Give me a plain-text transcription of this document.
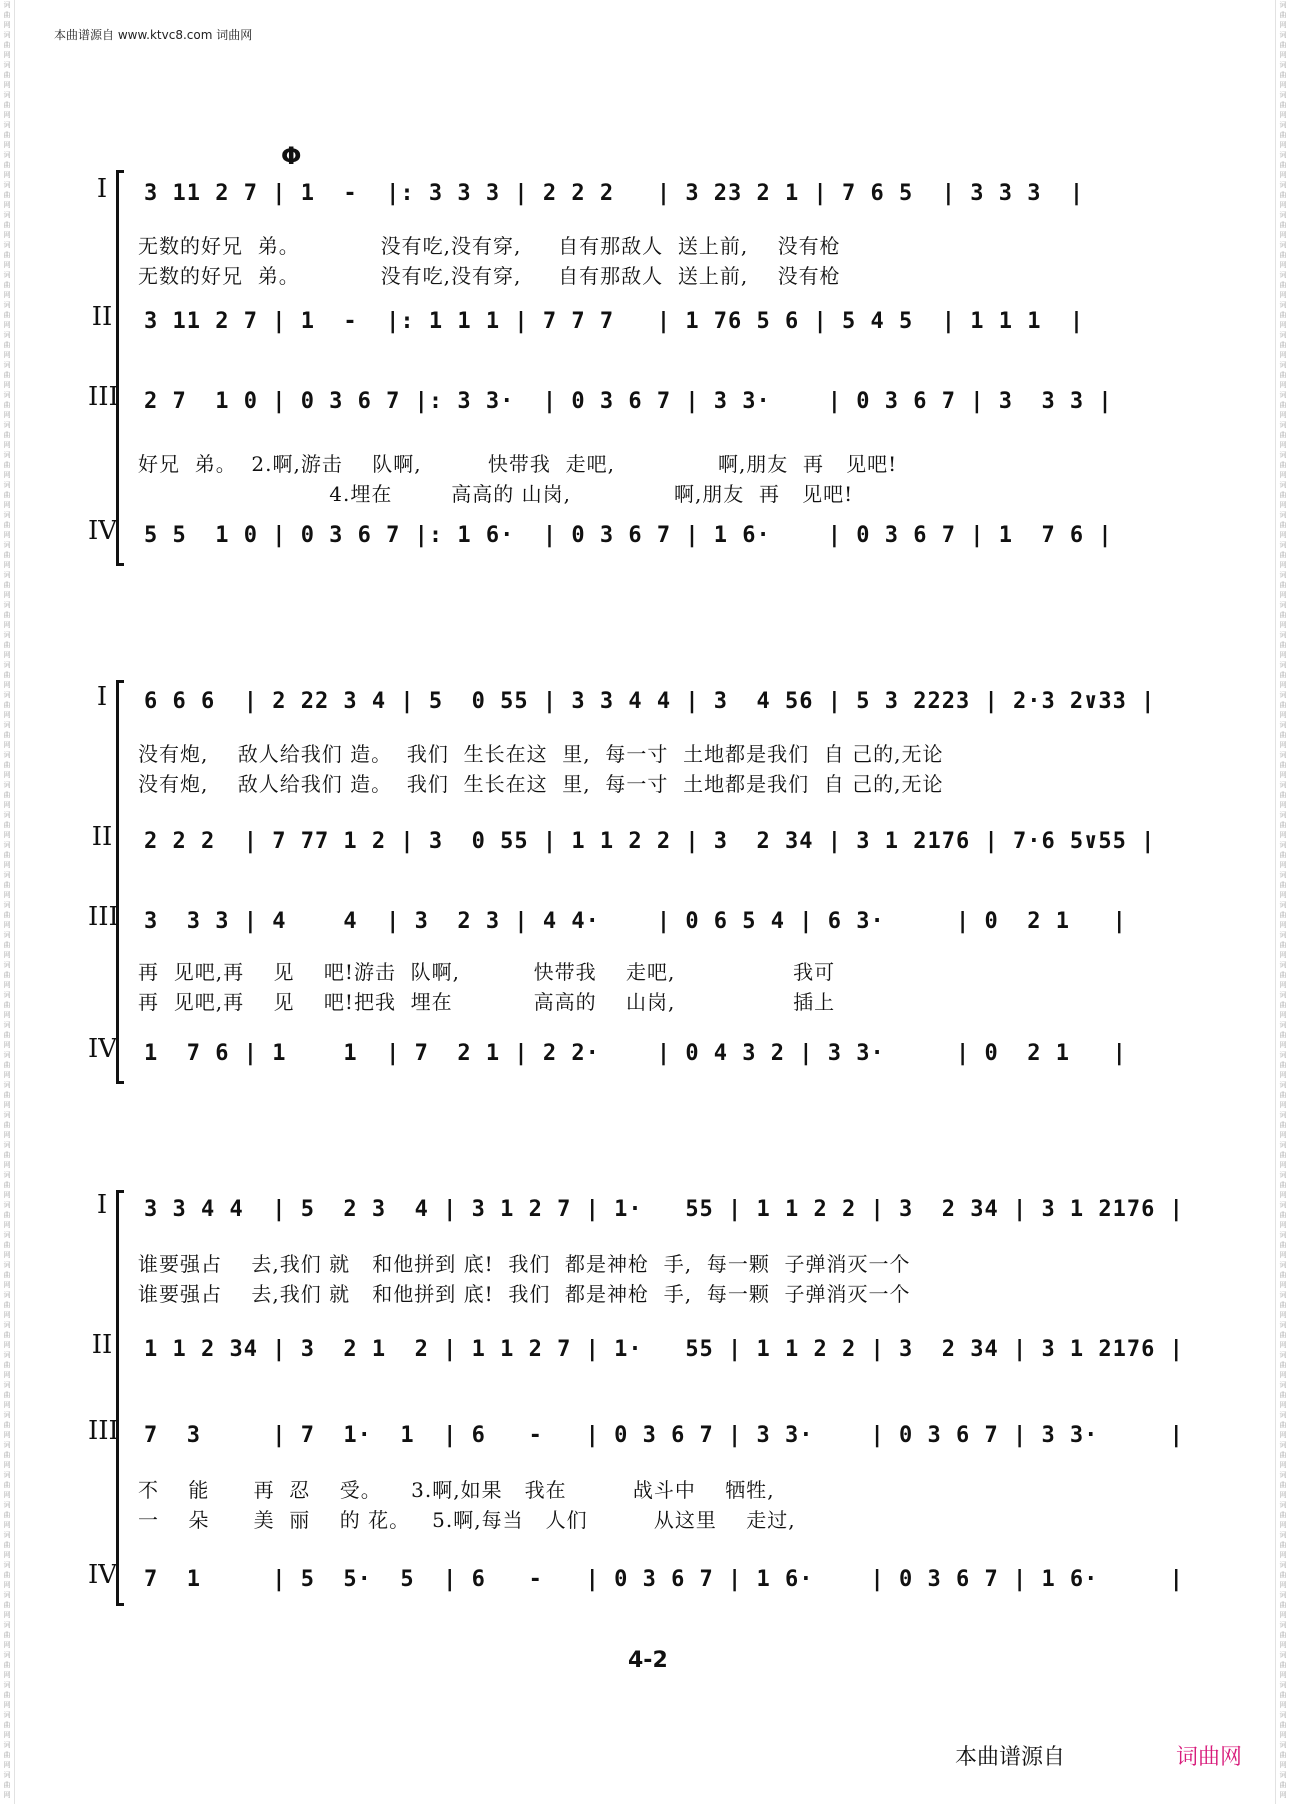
词
曲
网
词
曲
网
词
曲
网
词
曲
网
词
曲
网
词
曲
网
词
曲
网
词
曲
网
词
曲
网
词
曲
网
词
曲
网
词
曲
网
词
曲
网
词
曲
网
词
曲
网
词
曲
网
词
曲
网
词
曲
网
词
曲
网
词
曲
网
词
曲
网
词
曲
网
词
曲
网
词
曲
网
词
曲
网
词
曲
网
词
曲
网
词
曲
网
词
曲
网
词
曲
网
词
曲
网
词
曲
网
词
曲
网
词
曲
网
词
曲
网
词
曲
网
词
曲
网
词
曲
网
词
曲
网
词
曲
网
词
曲
网
词
曲
网
词
曲
网
词
曲
网
词
曲
网
词
曲
网
词
曲
网
词
曲
网
词
曲
网
词
曲
网
词
曲
网
词
曲
网
词
曲
网
词
曲
网
词
曲
网
词
曲
网
词
曲
网
词
曲
网
词
曲
网
词
曲
网
词
曲
网
词
曲
网
词
曲
网
词
曲
网
词
曲
网
词
曲
网
词
曲
网
词
曲
网
词
曲
网
词
曲
网
词
曲
网
词
曲
网
词
曲
网
词
曲
网
词
曲
网
词
曲
网
词
曲
网
词
曲
网
词
曲
网
词
曲
网
词
曲
网
词
曲
网
词
曲
网
词
曲
网
词
曲
网
词
曲
网
词
曲
网
词
曲
网
词
曲
网
词
曲
网
词
曲
网
词
曲
网
词
曲
网
词
曲
网
词
曲
网
词
曲
网
词
曲
网
词
曲
网
词
曲
网
词
曲
网
词
曲
网
词
曲
网
词
曲
网
词
曲
网
词
曲
网
词
曲
网
词
曲
网
词
曲
网
词
曲
网
词
曲
网
词
曲
网
词
曲
网
词
曲
网
词
曲
网
词
曲
网
词
曲
网
词
曲
网
词
曲
网
词
曲
网
词
曲
网
本曲谱源自 www.ktvc8.com 词曲网
Φ
I	3 11 2 7 | 1  -  |: 3 3 3 | 2 2 2   | 3 23 2 1 | 7 6 5  | 3 3 3  |
无数的好兄  弟。           没有吃,没有穿,     自有那敌人  送上前,    没有枪
无数的好兄  弟。           没有吃,没有穿,     自有那敌人  送上前,    没有枪
II 3 11 2 7 | 1  -  |: 1 1 1 | 7 7 7   | 1 76 5 6 | 5 4 5  | 1 1 1  |
III 2 7  1 0 | 0 3 6 7 |: 3 3·  | 0 3 6 7 | 3 3·    | 0 3 6 7 | 3  3 3 |
好兄  弟。  2.啊,游击    队啊,         快带我  走吧,              啊,朋友  再   见吧!
4.埋在        高高的 山岗,              啊,朋友  再   见吧!
IV 5 5  1 0 | 0 3 6 7 |: 1 6·  | 0 3 6 7 | 1 6·    | 0 3 6 7 | 1  7 6 |
I	6 6 6  | 2 22 3 4 | 5  0 55 | 3 3 4 4 | 3  4 56 | 5 3 2223 | 2·3 2∨33 |
没有炮,    敌人给我们 造。  我们  生长在这  里,  每一寸  土地都是我们  自 己的,无论
没有炮,    敌人给我们 造。  我们  生长在这  里,  每一寸  土地都是我们  自 己的,无论
II 2 2 2  | 7 77 1 2 | 3  0 55 | 1 1 2 2 | 3  2 34 | 3 1 2176 | 7·6 5∨55 |
III 3  3 3 | 4    4  | 3  2 3 | 4 4·    | 0 6 5 4 | 6 3·     | 0  2 1   |
再  见吧,再    见    吧!游击  队啊,          快带我    走吧,                我可
再  见吧,再    见    吧!把我  埋在           高高的    山岗,                插上
IV 1  7 6 | 1    1  | 7  2 1 | 2 2·    | 0 4 3 2 | 3 3·     | 0  2 1   |
I	3 3 4 4  | 5  2 3  4 | 3 1 2 7 | 1·   55 | 1 1 2 2 | 3  2 34 | 3 1 2176 |
谁要强占    去,我们 就   和他拼到 底!  我们  都是神枪  手,  每一颗  子弹消灭一个
谁要强占    去,我们 就   和他拼到 底!  我们  都是神枪  手,  每一颗  子弹消灭一个
II 1 1 2 34 | 3  2 1  2 | 1 1 2 7 | 1·   55 | 1 1 2 2 | 3  2 34 | 3 1 2176 |
III 7  3     | 7  1·  1  | 6   -   | 0 3 6 7 | 3 3·    | 0 3 6 7 | 3 3·     |
不    能      再  忍    受。    3.啊,如果   我在         战斗中    牺牲,
一    朵      美  丽    的 花。   5.啊,每当   人们         从这里    走过,
IV 7  1     | 5  5·  5  | 6   -   | 0 3 6 7 | 1 6·    | 0 3 6 7 | 1 6·     |
4-2
本曲谱源自	词曲网
